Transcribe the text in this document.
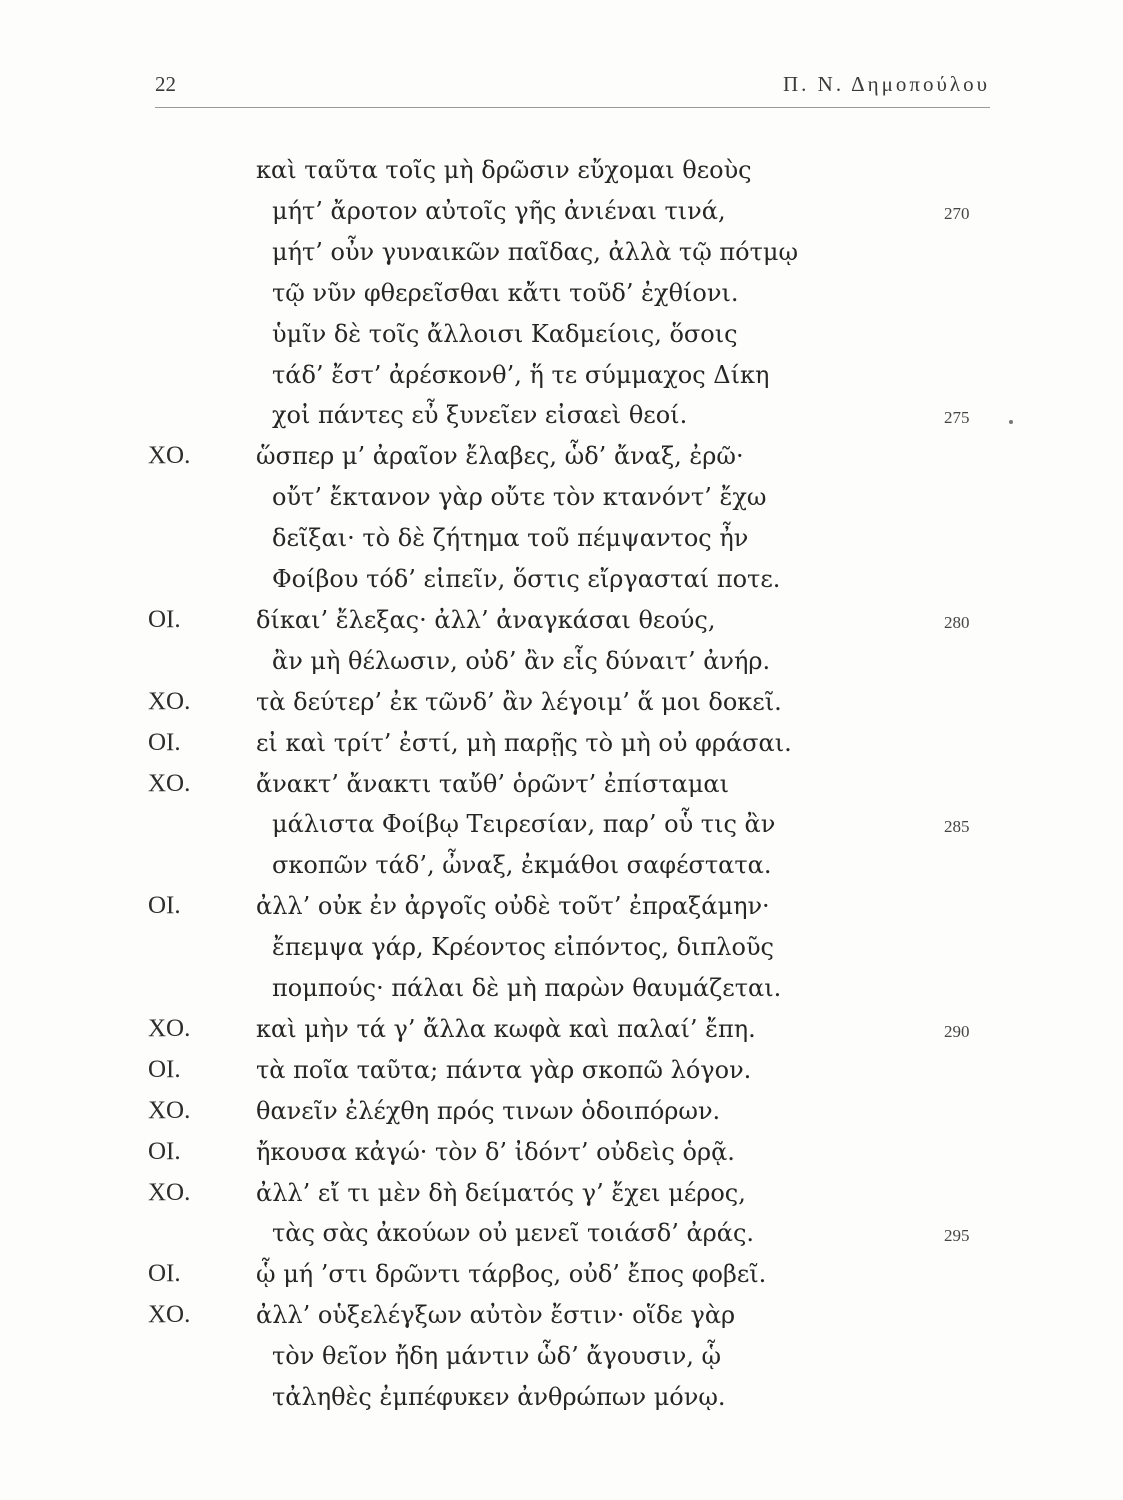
22	Π. Ν. Δημοπούλου
καὶ ταῦτα τοῖς μὴ δρῶσιν εὔχομαι θεοὺς
μήτ’ ἄροτον αὐτοῖς γῆς ἀνιέναι τινά,	270
μήτ’ οὖν γυναικῶν παῖδας, ἀλλὰ τῷ πότμῳ
τῷ νῦν φθερεῖσθαι κἄτι τοῦδ’ ἐχθίονι.
ὑμῖν δὲ τοῖς ἄλλοισι Καδμείοις, ὅσοις
τάδ’ ἔστ’ ἀρέσκονθ’, ἥ τε σύμμαχος Δίκη
χοἰ πάντες εὖ ξυνεῖεν εἰσαεὶ θεοί.	275
ΧΟ.	ὥσπερ μ’ ἀραῖον ἔλαβες, ὧδ’ ἄναξ, ἐρῶ·
οὔτ’ ἔκτανον γὰρ οὔτε τὸν κτανόντ’ ἔχω
δεῖξαι· τὸ δὲ ζήτημα τοῦ πέμψαντος ἦν
Φοίβου τόδ’ εἰπεῖν, ὅστις εἴργασταί ποτε.
ΟΙ.	δίκαι’ ἔλεξας· ἀλλ’ ἀναγκάσαι θεούς,	280
ἂν μὴ θέλωσιν, οὐδ’ ἂν εἷς δύναιτ’ ἀνήρ.
ΧΟ.	τὰ δεύτερ’ ἐκ τῶνδ’ ἂν λέγοιμ’ ἅ μοι δοκεῖ.
ΟΙ.	εἰ καὶ τρίτ’ ἐστί, μὴ παρῇς τὸ μὴ οὐ φράσαι.
ΧΟ.	ἄνακτ’ ἄνακτι ταὔθ’ ὁρῶντ’ ἐπίσταμαι
μάλιστα Φοίβῳ Τειρεσίαν, παρ’ οὗ τις ἂν	285
σκοπῶν τάδ’, ὦναξ, ἐκμάθοι σαφέστατα.
ΟΙ.	ἀλλ’ οὐκ ἐν ἀργοῖς οὐδὲ τοῦτ’ ἐπραξάμην·
ἔπεμψα γάρ, Κρέοντος εἰπόντος, διπλοῦς
πομπούς· πάλαι δὲ μὴ παρὼν θαυμάζεται.
ΧΟ.	καὶ μὴν τά γ’ ἄλλα κωφὰ καὶ παλαί’ ἔπη.	290
ΟΙ.	τὰ ποῖα ταῦτα; πάντα γὰρ σκοπῶ λόγον.
ΧΟ.	θανεῖν ἐλέχθη πρός τινων ὁδοιπόρων.
ΟΙ.	ἤκουσα κἀγώ· τὸν δ’ ἰδόντ’ οὐδεὶς ὁρᾷ.
ΧΟ.	ἀλλ’ εἴ τι μὲν δὴ δείματός γ’ ἔχει μέρος,
τὰς σὰς ἀκούων οὐ μενεῖ τοιάσδ’ ἀράς.	295
ΟΙ.	ᾧ μή ’στι δρῶντι τάρβος, οὐδ’ ἔπος φοβεῖ.
ΧΟ.	ἀλλ’ οὑξελέγξων αὐτὸν ἔστιν· οἵδε γὰρ
τὸν θεῖον ἤδη μάντιν ὧδ’ ἄγουσιν, ᾧ
τἀληθὲς ἐμπέφυκεν ἀνθρώπων μόνῳ.
